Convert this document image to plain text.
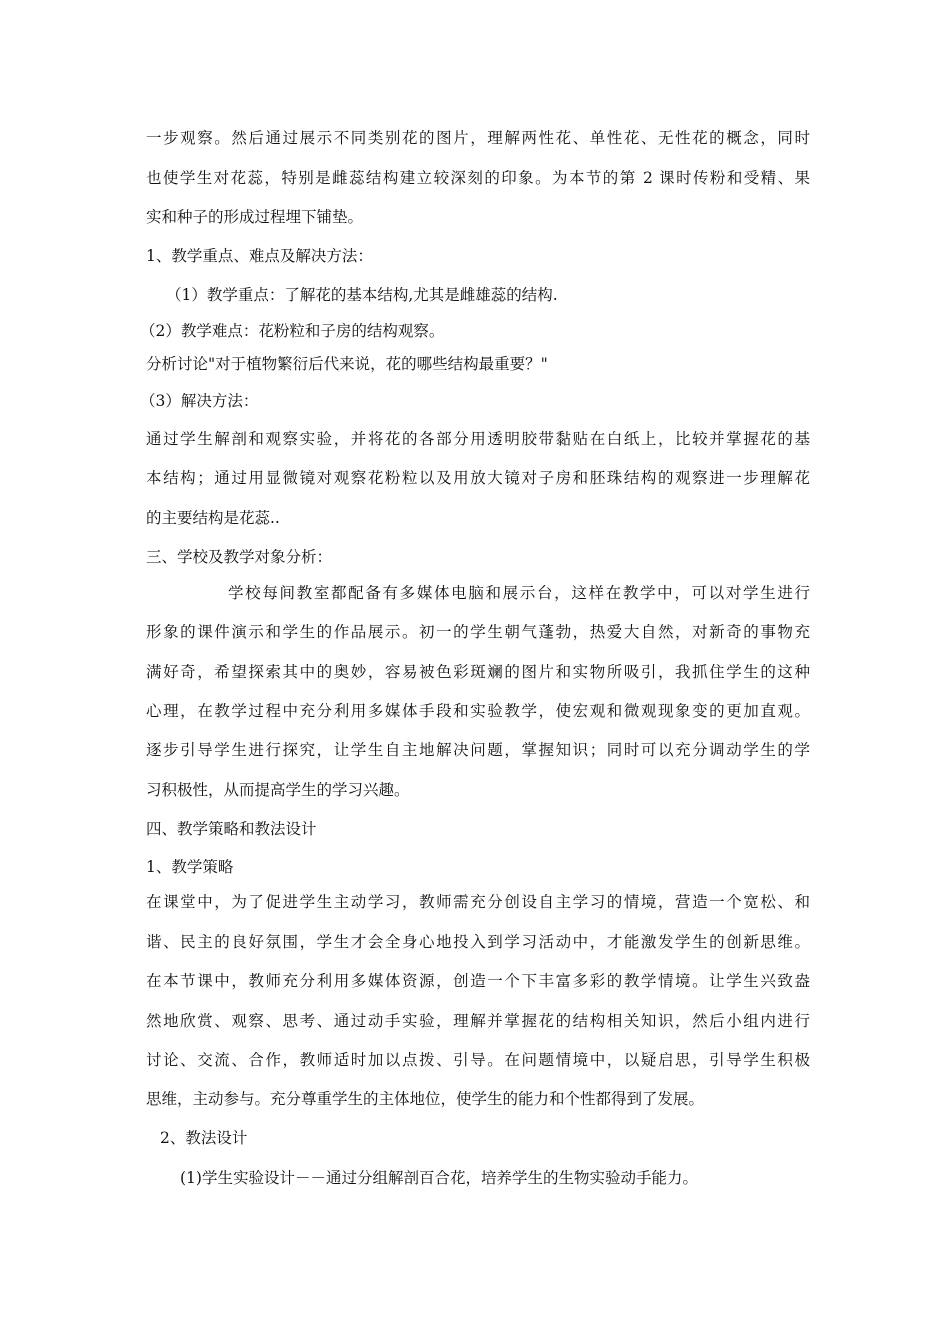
一步观察。然后通过展示不同类别花的图片，理解两性花、单性花、无性花的概念，同时
也使学生对花蕊，特别是雌蕊结构建立较深刻的印象。为本节的第 2 课时传粉和受精、果
实和种子的形成过程埋下铺垫。
1、教学重点、难点及解决方法：
（1）教学重点：了解花的基本结构,尤其是雌雄蕊的结构.
（2）教学难点：花粉粒和子房的结构观察。
分析讨论"对于植物繁衍后代来说，花的哪些结构最重要？"
（3）解决方法：
通过学生解剖和观察实验，并将花的各部分用透明胶带黏贴在白纸上，比较并掌握花的基
本结构；通过用显微镜对观察花粉粒以及用放大镜对子房和胚珠结构的观察进一步理解花
的主要结构是花蕊..
三、学校及教学对象分析：
学校每间教室都配备有多媒体电脑和展示台，这样在教学中，可以对学生进行
形象的课件演示和学生的作品展示。初一的学生朝气蓬勃，热爱大自然，对新奇的事物充
满好奇，希望探索其中的奥妙，容易被色彩斑斓的图片和实物所吸引，我抓住学生的这种
心理，在教学过程中充分利用多媒体手段和实验教学，使宏观和微观现象变的更加直观。
逐步引导学生进行探究，让学生自主地解决问题，掌握知识；同时可以充分调动学生的学
习积极性，从而提高学生的学习兴趣。
四、教学策略和教法设计
1、教学策略
在课堂中，为了促进学生主动学习，教师需充分创设自主学习的情境，营造一个宽松、和
谐、民主的良好氛围，学生才会全身心地投入到学习活动中，才能激发学生的创新思维。
在本节课中，教师充分利用多媒体资源，创造一个下丰富多彩的教学情境。让学生兴致盎
然地欣赏、观察、思考、通过动手实验，理解并掌握花的结构相关知识，然后小组内进行
讨论、交流、合作，教师适时加以点拨、引导。在问题情境中，以疑启思，引导学生积极
思维，主动参与。充分尊重学生的主体地位，使学生的能力和个性都得到了发展。
2、教法设计
(1)学生实验设计－－通过分组解剖百合花，培养学生的生物实验动手能力。
